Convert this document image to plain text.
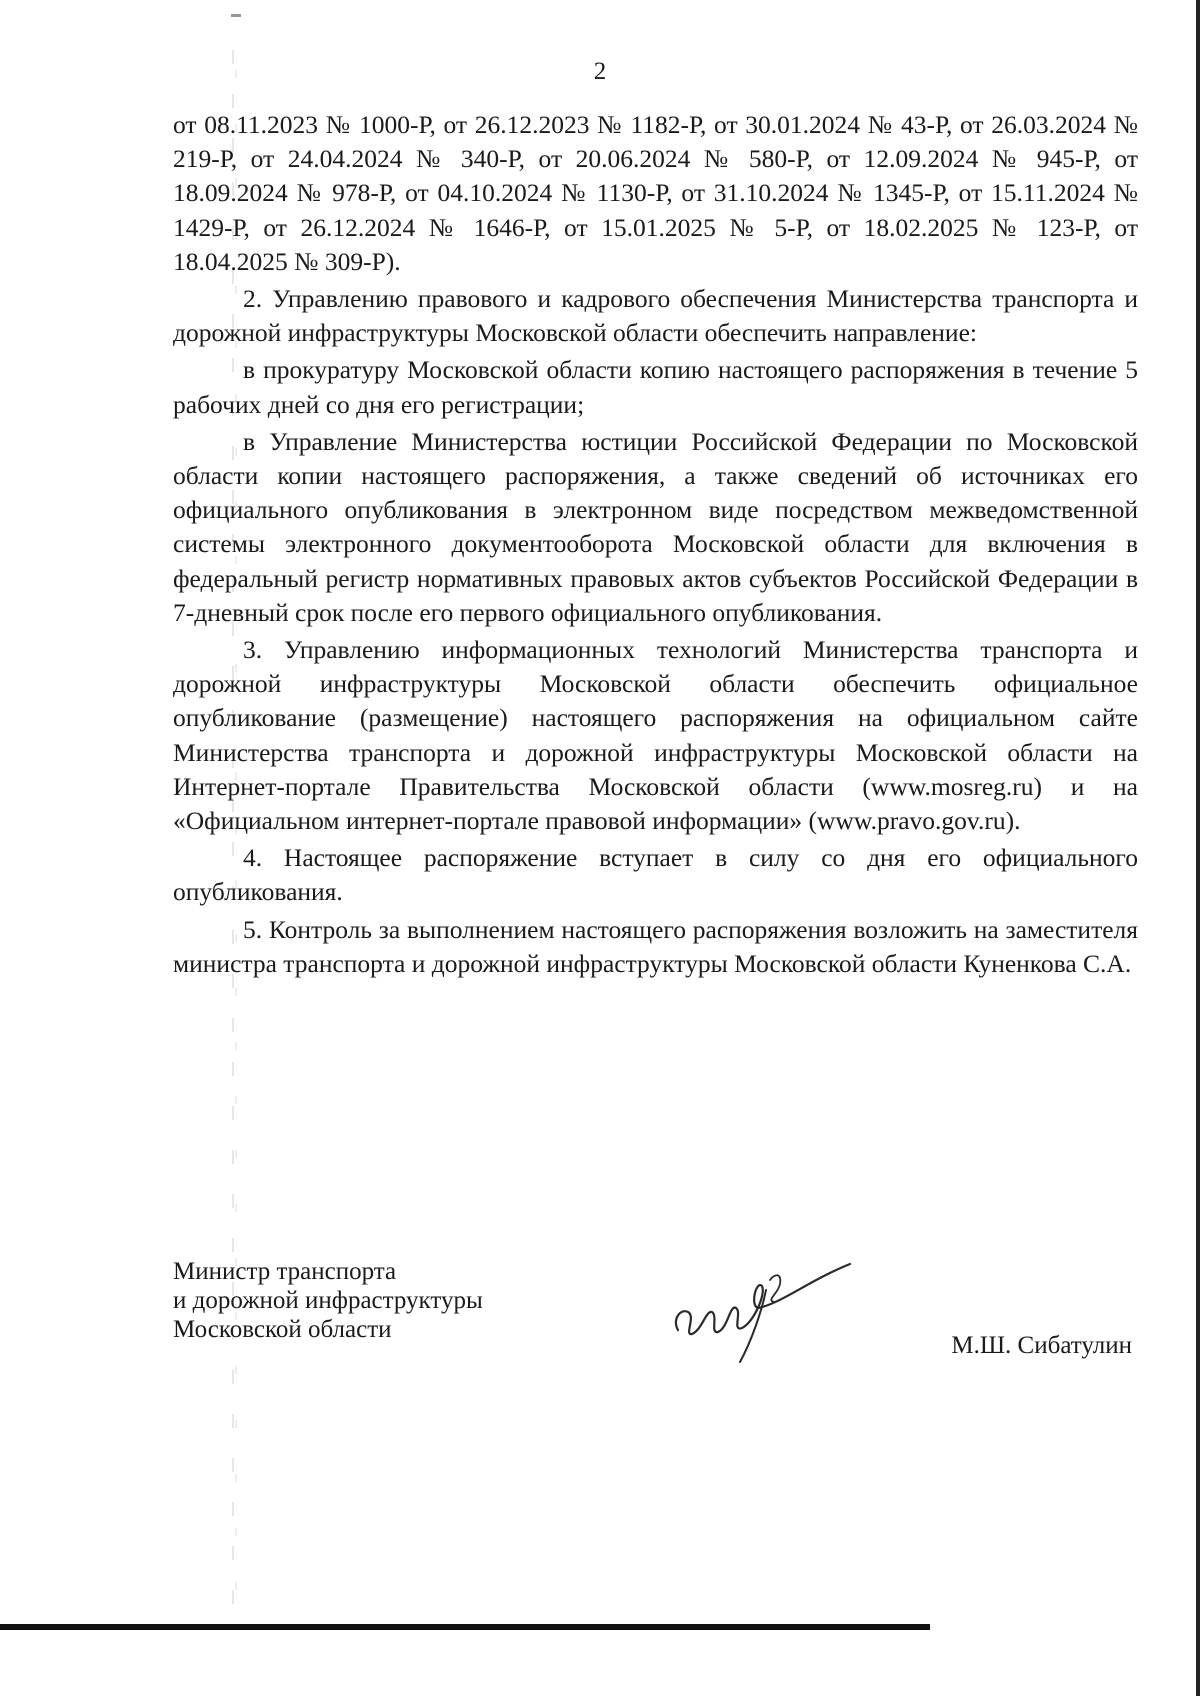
2

от 08.11.2023 № 1000-Р, от 26.12.2023 № 1182-Р, от 30.01.2024 № 43-Р, от 26.03.2024 № 219-Р, от 24.04.2024 № 340-Р, от 20.06.2024 № 580-Р, от 12.09.2024 № 945-Р, от 18.09.2024 № 978-Р, от 04.10.2024 № 1130-Р, от 31.10.2024 № 1345-Р, от 15.11.2024 № 1429-Р, от 26.12.2024 № 1646-Р, от 15.01.2025 № 5-Р, от 18.02.2025 № 123-Р, от 18.04.2025 № 309-Р).

2. Управлению правового и кадрового обеспечения Министерства транспорта и дорожной инфраструктуры Московской области обеспечить направление:

в прокуратуру Московской области копию настоящего распоряжения в течение 5 рабочих дней со дня его регистрации;

в Управление Министерства юстиции Российской Федерации по Московской области копии настоящего распоряжения, а также сведений об источниках его официального опубликования в электронном виде посредством межведомственной системы электронного документооборота Московской области для включения в федеральный регистр нормативных правовых актов субъектов Российской Федерации в 7-дневный срок после его первого официального опубликования.

3. Управлению информационных технологий Министерства транспорта и дорожной инфраструктуры Московской области обеспечить официальное опубликование (размещение) настоящего распоряжения на официальном сайте Министерства транспорта и дорожной инфраструктуры Московской области на Интернет-портале Правительства Московской области (www.mosreg.ru) и на «Официальном интернет-портале правовой информации» (www.pravo.gov.ru).

4. Настоящее распоряжение вступает в силу со дня его официального опубликования.

5. Контроль за выполнением настоящего распоряжения возложить на заместителя министра транспорта и дорожной инфраструктуры Московской области Куненкова С.А.

Министр транспорта
и дорожной инфраструктуры
Московской области
М.Ш. Сибатулин
